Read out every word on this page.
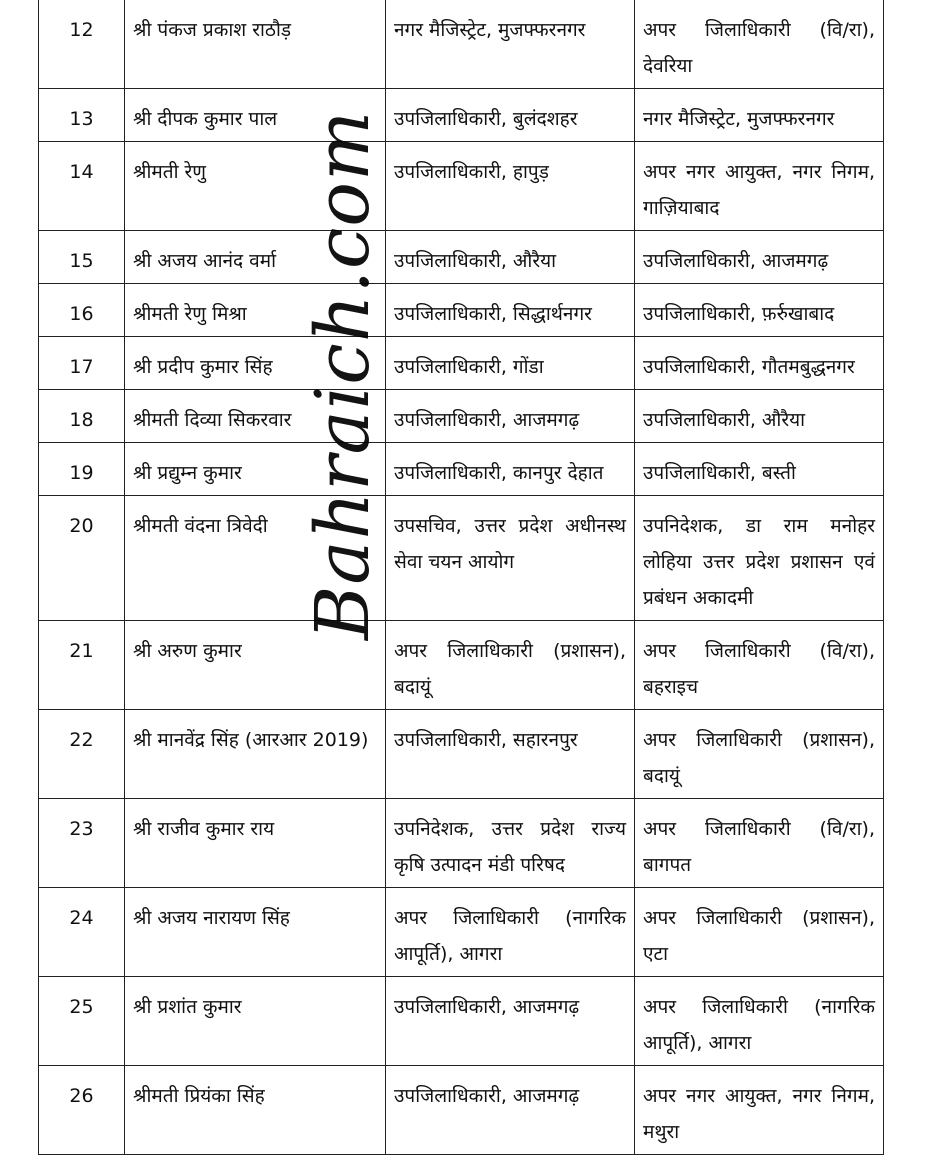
12	श्री पंकज प्रकाश राठौड़	नगर मैजिस्ट्रेट, मुजफ्फरनगर	अपर जिलाधिकारी (वि/रा), देवरिया
13	श्री दीपक कुमार पाल	उपजिलाधिकारी, बुलंदशहर	नगर मैजिस्ट्रेट, मुजफ्फरनगर
14	श्रीमती रेणु	उपजिलाधिकारी, हापुड़	अपर नगर आयुक्त, नगर निगम, गाज़ियाबाद
15	श्री अजय आनंद वर्मा	उपजिलाधिकारी, औरैया	उपजिलाधिकारी, आजमगढ़
16	श्रीमती रेणु मिश्रा	उपजिलाधिकारी, सिद्धार्थनगर	उपजिलाधिकारी, फ़र्रुखाबाद
17	श्री प्रदीप कुमार सिंह	उपजिलाधिकारी, गोंडा	उपजिलाधिकारी, गौतमबुद्धनगर
18	श्रीमती दिव्या सिकरवार	उपजिलाधिकारी, आजमगढ़	उपजिलाधिकारी, औरैया
19	श्री प्रद्युम्न कुमार	उपजिलाधिकारी, कानपुर देहात	उपजिलाधिकारी, बस्ती
20	श्रीमती वंदना त्रिवेदी	उपसचिव, उत्तर प्रदेश अधीनस्थ सेवा चयन आयोग	उपनिदेशक, डा राम मनोहर लोहिया उत्तर प्रदेश प्रशासन एवं प्रबंधन अकादमी
21	श्री अरुण कुमार	अपर जिलाधिकारी (प्रशासन), बदायूं	अपर जिलाधिकारी (वि/रा), बहराइच
22	श्री मानवेंद्र सिंह (आरआर 2019)	उपजिलाधिकारी, सहारनपुर	अपर जिलाधिकारी (प्रशासन), बदायूं
23	श्री राजीव कुमार राय	उपनिदेशक, उत्तर प्रदेश राज्य कृषि उत्पादन मंडी परिषद	अपर जिलाधिकारी (वि/रा), बागपत
24	श्री अजय नारायण सिंह	अपर जिलाधिकारी (नागरिक आपूर्ति), आगरा	अपर जिलाधिकारी (प्रशासन), एटा
25	श्री प्रशांत कुमार	उपजिलाधिकारी, आजमगढ़	अपर जिलाधिकारी (नागरिक आपूर्ति), आगरा
26	श्रीमती प्रियंका सिंह	उपजिलाधिकारी, आजमगढ़	अपर नगर आयुक्त, नगर निगम, मथुरा
Bahraich.com
